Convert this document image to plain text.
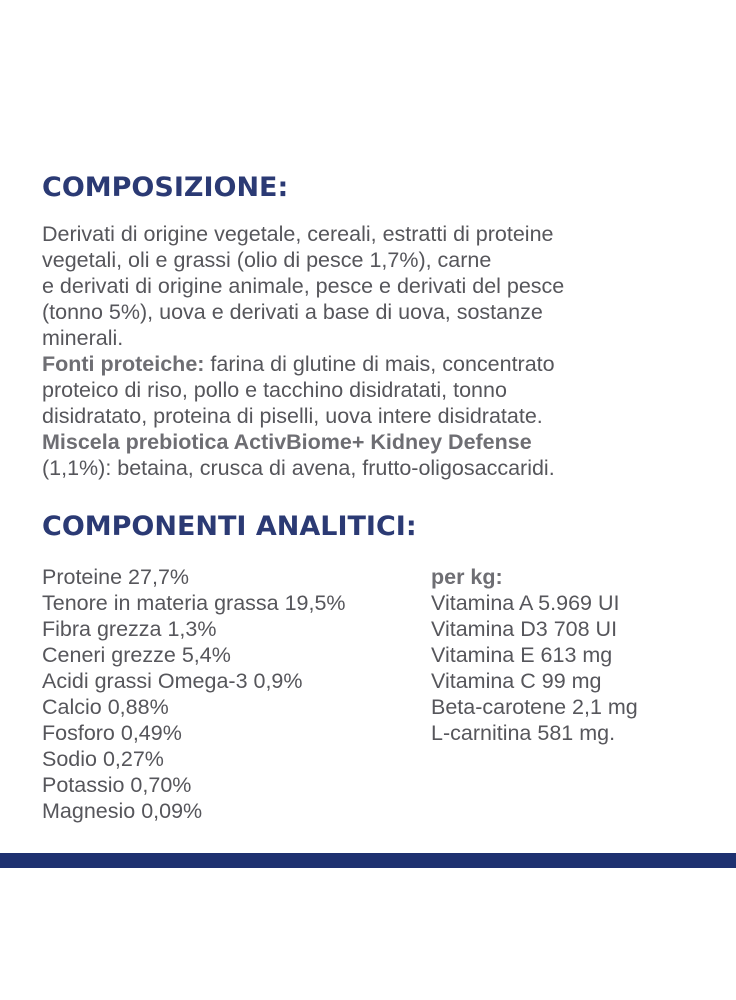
COMPOSIZIONE:
Derivati di origine vegetale, cereali, estratti di proteine
vegetali, oli e grassi (olio di pesce 1,7%), carne
e derivati di origine animale, pesce e derivati del pesce
(tonno 5%), uova e derivati a base di uova, sostanze
minerali.
Fonti proteiche: farina di glutine di mais, concentrato
proteico di riso, pollo e tacchino disidratati, tonno
disidratato, proteina di piselli, uova intere disidratate.
Miscela prebiotica ActivBiome+ Kidney Defense
(1,1%): betaina, crusca di avena, frutto-oligosaccaridi.
COMPONENTI ANALITICI:
Proteine 27,7%
Tenore in materia grassa 19,5%
Fibra grezza 1,3%
Ceneri grezze 5,4%
Acidi grassi Omega-3 0,9%
Calcio 0,88%
Fosforo 0,49%
Sodio 0,27%
Potassio 0,70%
Magnesio 0,09%
per kg:
Vitamina A 5.969 UI
Vitamina D3 708 UI
Vitamina E 613 mg
Vitamina C 99 mg
Beta-carotene 2,1 mg
L-carnitina 581 mg.
